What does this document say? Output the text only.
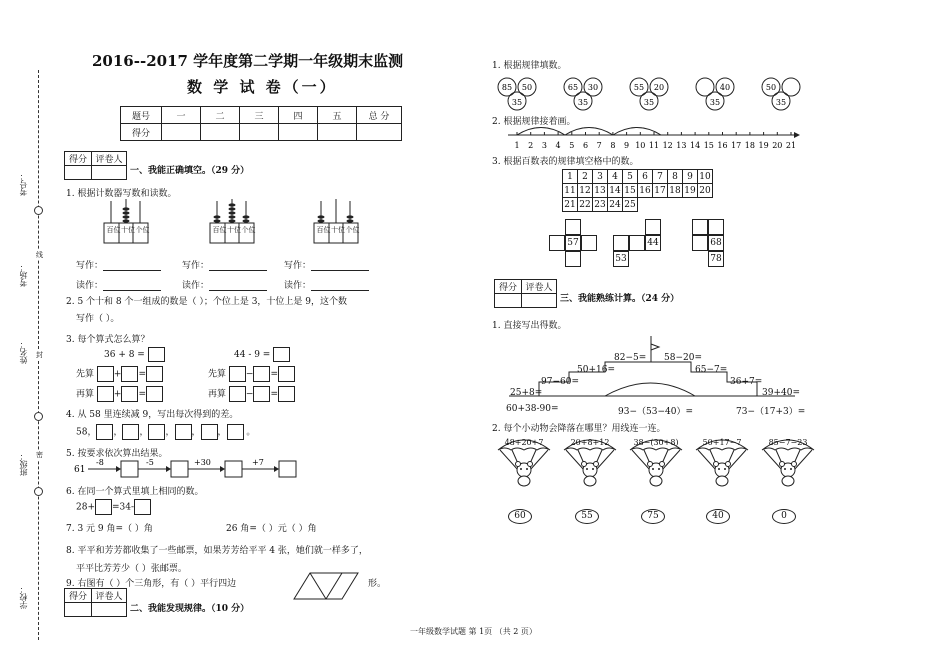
考号：
考场：
姓名：
班级：
学校：
线
封
密
2016--2017 学年度第二学期一年级期末监测
数 学 试 卷（一）
题号	一	二	三	四	五	总 分
得分						
得分	评卷人

一、我能正确填空。（29 分）
1. 根据计数器写数和读数。
百位 十位 个位	百位 十位 个位	百位 十位 个位
写作：	写作：	写作：
读作：	读作：	读作：
2. 5 个十和 8 个一组成的数是（ ）；个位上是 3，十位上是 9，这个数
写作（ ）。
3. 每个算式怎么算？
36 + 8 =	44 - 9 =
先算 + =
再算 + =
先算 − =
再算 − =
4. 从 58 里连续减 9，写出每次得到的差。
58， ， ， ， ， ， 。
5. 按要求依次算出结果。
61
-8	-5	+30	+7
6. 在同一个算式里填上相同的数。
28+ =34-
7. 3 元 9 角=（ ）角	26 角=（ ）元（ ）角
8. 平平和芳芳都收集了一些邮票，如果芳芳给平平 4 张，她们就一样多了，
平平比芳芳少（ ）张邮票。
9. 右图有（ ）个三角形，有（ ）平行四边	形。
得分	评卷人

二、我能发现规律。（10 分）
1. 根据规律填数。
85 50
35
65 30
35
55 20
35
40
35
50
35
2. 根据规律接着画。
1 2 3 4 5 6 7 8 9 10 11 12 13 14 15 16 17 18 19 20 21
3. 根据百数表的规律填空格中的数。
1	2	3	4	5	6	7	8	9	10
11	12	13	14	15	16	17	18	19	20
21	22	23	24	25					
57	44
53
68
78
得分	评卷人

三、我能熟练计算。（24 分）
1. 直接写出得数。
82−5= 58−20=
50+16=	65−7=
97−60=	36+7=
25+8=	39+40=
60+38-90=	93−（53−40）=	73−（17+3）=
2. 每个小动物会降落在哪里？用线连一连。
48+20+7	20+8+12	38−(30+8)	50+17−7	85−7−23
60	55	75	40	0
一年级数学试题 第 1页 （共 2 页）
